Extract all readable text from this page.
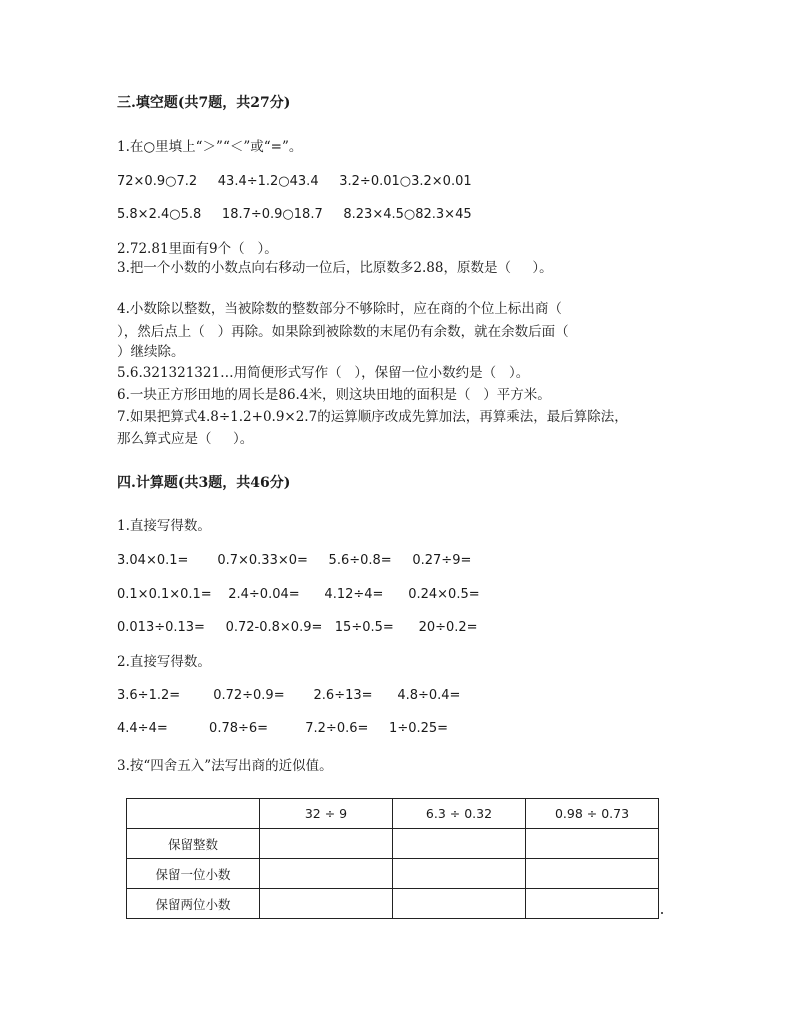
三.填空题(共7题，共27分)
1.在○里填上“＞”“＜”或“=”。
72×0.9○7.2     43.4÷1.2○43.4     3.2÷0.01○3.2×0.01
5.8×2.4○5.8     18.7÷0.9○18.7     8.23×4.5○82.3×45
2.72.81里面有9个（   ）。
3.把一个小数的小数点向右移动一位后，比原数多2.88，原数是（     ）。
4.小数除以整数，当被除数的整数部分不够除时，应在商的个位上标出商（
），然后点上（   ）再除。如果除到被除数的末尾仍有余数，就在余数后面（
）继续除。
5.6.321321321…用简便形式写作（   ），保留一位小数约是（   ）。
6.一块正方形田地的周长是86.4米，则这块田地的面积是（   ）平方米。
7.如果把算式4.8÷1.2+0.9×2.7的运算顺序改成先算加法，再算乘法，最后算除法，
那么算式应是（     ）。
四.计算题(共3题，共46分)
1.直接写得数。
3.04×0.1=       0.7×0.33×0=     5.6÷0.8=     0.27÷9=
0.1×0.1×0.1=    2.4÷0.04=      4.12÷4=      0.24×0.5=
0.013÷0.13=     0.72-0.8×0.9=   15÷0.5=      20÷0.2=
2.直接写得数。
3.6÷1.2=        0.72÷0.9=       2.6÷13=      4.8÷0.4=
4.4÷4=          0.78÷6=         7.2÷0.6=     1÷0.25=
3.按“四舍五入”法写出商的近似值。
	32 ÷ 9	6.3 ÷ 0.32	0.98 ÷ 0.73
保留整数			
保留一位小数			
保留两位小数			
